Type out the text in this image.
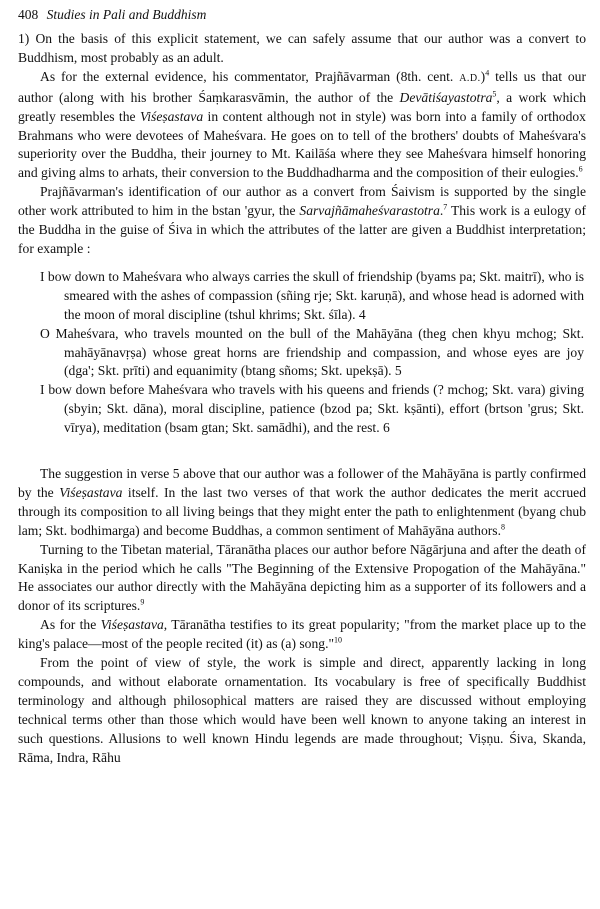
408 Studies in Pali and Buddhism

1) On the basis of this explicit statement, we can safely assume that our author was a convert to Buddhism, most probably as an adult.

As for the external evidence, his commentator, Prajñāvarman (8th. cent. A.D.)$^4$ tells us that our author (along with his brother Śaṃkarasvāmin, the author of the Devātiśayastotra$^5$, a work which greatly resembles the Viśeṣastava in content although not in style) was born into a family of orthodox Brahmans who were devotees of Maheśvara. He goes on to tell of the brothers' doubts of Maheśvara's superiority over the Buddha, their journey to Mt. Kailāśa where they see Maheśvara himself honoring and giving alms to arhats, their conversion to the Buddhadharma and the composition of their eulogies.$^6$

Prajñāvarman's identification of our author as a convert from Śaivism is supported by the single other work attributed to him in the bstan 'gyur, the Sarvajñāmaheśvarastotra.$^7$ This work is a eulogy of the Buddha in the guise of Śiva in which the attributes of the latter are given a Buddhist interpretation; for example :

I bow down to Maheśvara who always carries the skull of friendship (byams pa; Skt. maitrī), who is smeared with the ashes of compassion (sñing rje; Skt. karuṇā), and whose head is adorned with the moon of moral discipline (tshul khrims; Skt. śīla). 4

O Maheśvara, who travels mounted on the bull of the Mahāyāna (theg chen khyu mchog; Skt. mahāyānavṛṣa) whose great horns are friendship and compassion, and whose eyes are joy (dga'; Skt. prīti) and equanimity (btang sñoms; Skt. upekṣā). 5

I bow down before Maheśvara who travels with his queens and friends (? mchog; Skt. vara) giving (sbyin; Skt. dāna), moral discipline, patience (bzod pa; Skt. kṣānti), effort (brtson 'grus; Skt. vīrya), meditation (bsam gtan; Skt. samādhi), and the rest. 6

The suggestion in verse 5 above that our author was a follower of the Mahāyāna is partly confirmed by the Viśeṣastava itself. In the last two verses of that work the author dedicates the merit accrued through its composition to all living beings that they might enter the path to enlightenment (byang chub lam; Skt. bodhimarga) and become Buddhas, a common sentiment of Mahāyāna authors.$^8$

Turning to the Tibetan material, Tāranātha places our author before Nāgārjuna and after the death of Kaniṣka in the period which he calls "The Beginning of the Extensive Propogation of the Mahāyāna." He associates our author directly with the Mahāyāna depicting him as a supporter of its followers and a donor of its scriptures.$^9$

As for the Viśeṣastava, Tāranātha testifies to its great popularity; "from the market place up to the king's palace—most of the people recited (it) as (a) song."$^{10}$

From the point of view of style, the work is simple and direct, apparently lacking in long compounds, and without elaborate ornamentation. Its vocabulary is free of specifically Buddhist terminology and although philosophical matters are raised they are discussed without employing technical terms other than those which would have been well known to anyone taking an interest in such questions. Allusions to well known Hindu legends are made throughout; Viṣṇu. Śiva, Skanda, Rāma, Indra, Rāhu
